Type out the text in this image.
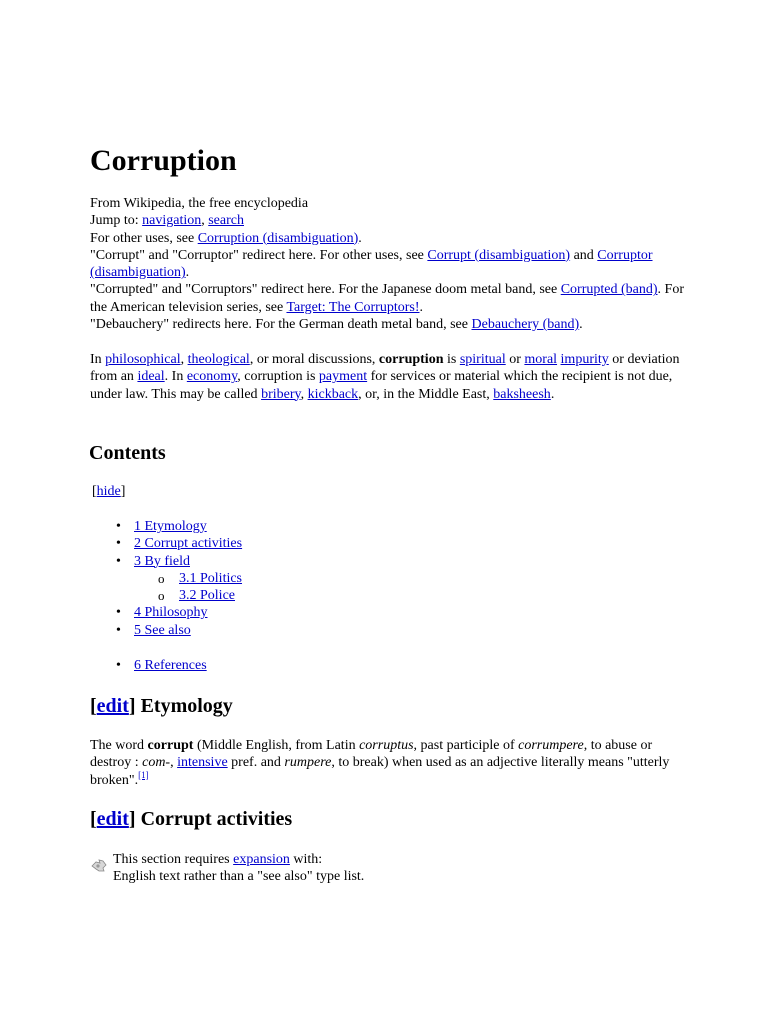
Corruption
From Wikipedia, the free encyclopedia
Jump to: navigation, search
For other uses, see Corruption (disambiguation).
"Corrupt" and "Corruptor" redirect here. For other uses, see Corrupt (disambiguation) and Corruptor (disambiguation).
"Corrupted" and "Corruptors" redirect here. For the Japanese doom metal band, see Corrupted (band). For the American television series, see Target: The Corruptors!.
"Debauchery" redirects here. For the German death metal band, see Debauchery (band).

In philosophical, theological, or moral discussions, corruption is spiritual or moral impurity or deviation from an ideal. In economy, corruption is payment for services or material which the recipient is not due, under law. This may be called bribery, kickback, or, in the Middle East, baksheesh.

Contents
[hide]
• 1 Etymology
• 2 Corrupt activities
• 3 By field
o 3.1 Politics
o 3.2 Police
• 4 Philosophy
• 5 See also
• 6 References
[edit] Etymology

The word corrupt (Middle English, from Latin corruptus, past participle of corrumpere, to abuse or destroy : com-, intensive pref. and rumpere, to break) when used as an adjective literally means "utterly broken".[1]

[edit] Corrupt activities
This section requires expansion with:
English text rather than a "see also" type list.
